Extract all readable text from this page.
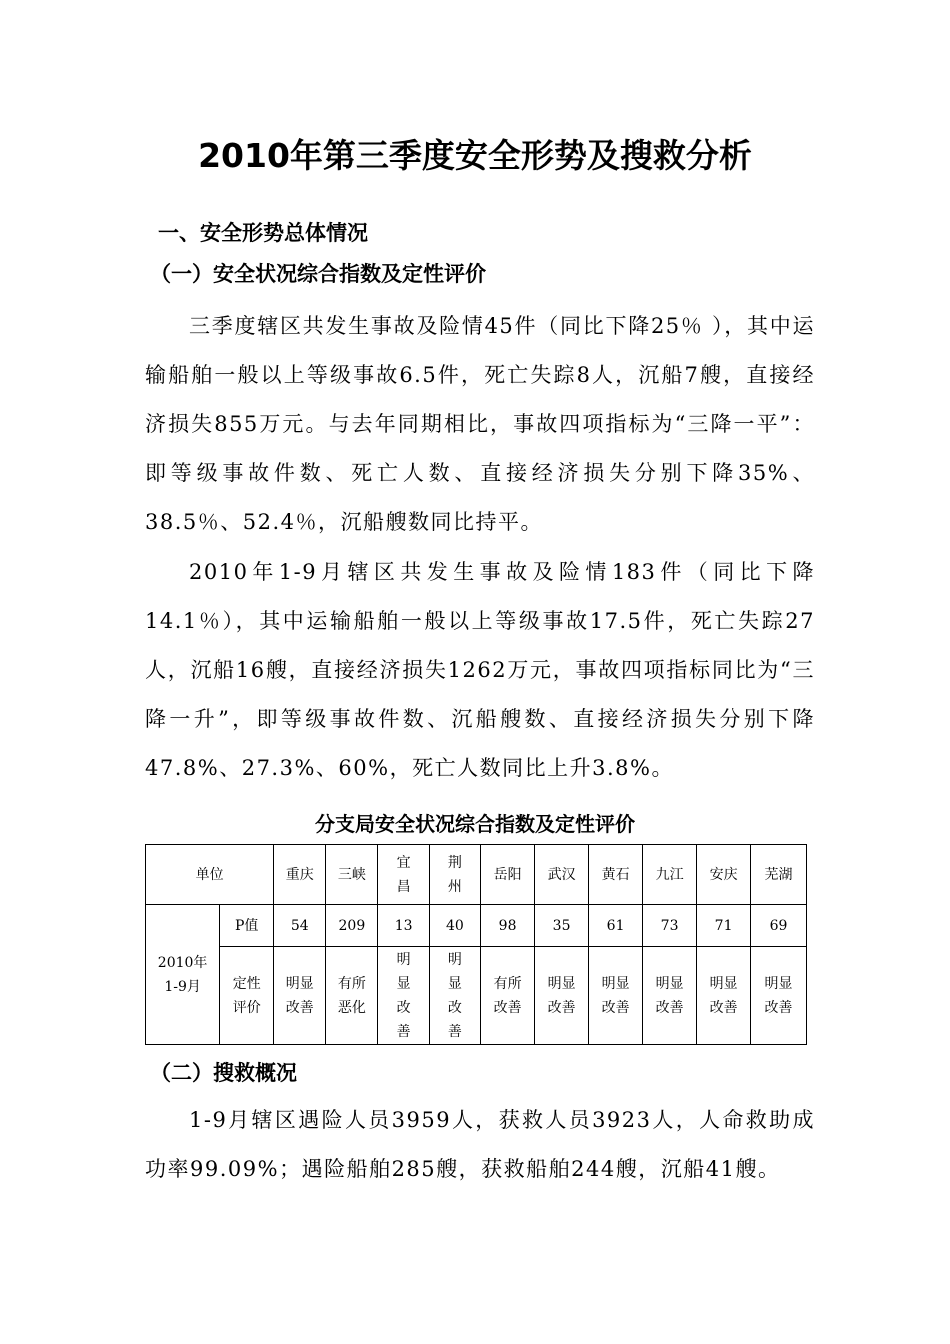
2010年第三季度安全形势及搜救分析
一、安全形势总体情况
（一）安全状况综合指数及定性评价

三季度辖区共发生事故及险情45件（同比下降25％ ），其中运输船舶一般以上等级事故6.5件，死亡失踪8人，沉船7艘，直接经济损失855万元。与去年同期相比，事故四项指标为“三降一平”：即等级事故件数、死亡人数、直接经济损失分别下降35%、38.5％、52.4％，沉船艘数同比持平。

2010年1-9月辖区共发生事故及险情183件（同比下降14.1％），其中运输船舶一般以上等级事故17.5件，死亡失踪27人，沉船16艘，直接经济损失1262万元，事故四项指标同比为“三降一升”，即等级事故件数、沉船艘数、直接经济损失分别下降47.8%、27.3%、60%，死亡人数同比上升3.8%。

分支局安全状况综合指数及定性评价
单位		重庆	三峡	宜昌	荆州	岳阳	武汉	黄石	九江	安庆	芜湖

2010年1-9月	P值	54	209	13	40	98	35	61	73	71	69

	定性评价	明显改善	有所恶化	明显改善	明显改善	有所改善	明显改善	明显改善	明显改善	明显改善	明显改善
（二）搜救概况

1-9月辖区遇险人员3959人，获救人员3923人，人命救助成功率99.09%；遇险船舶285艘，获救船舶244艘，沉船41艘。
